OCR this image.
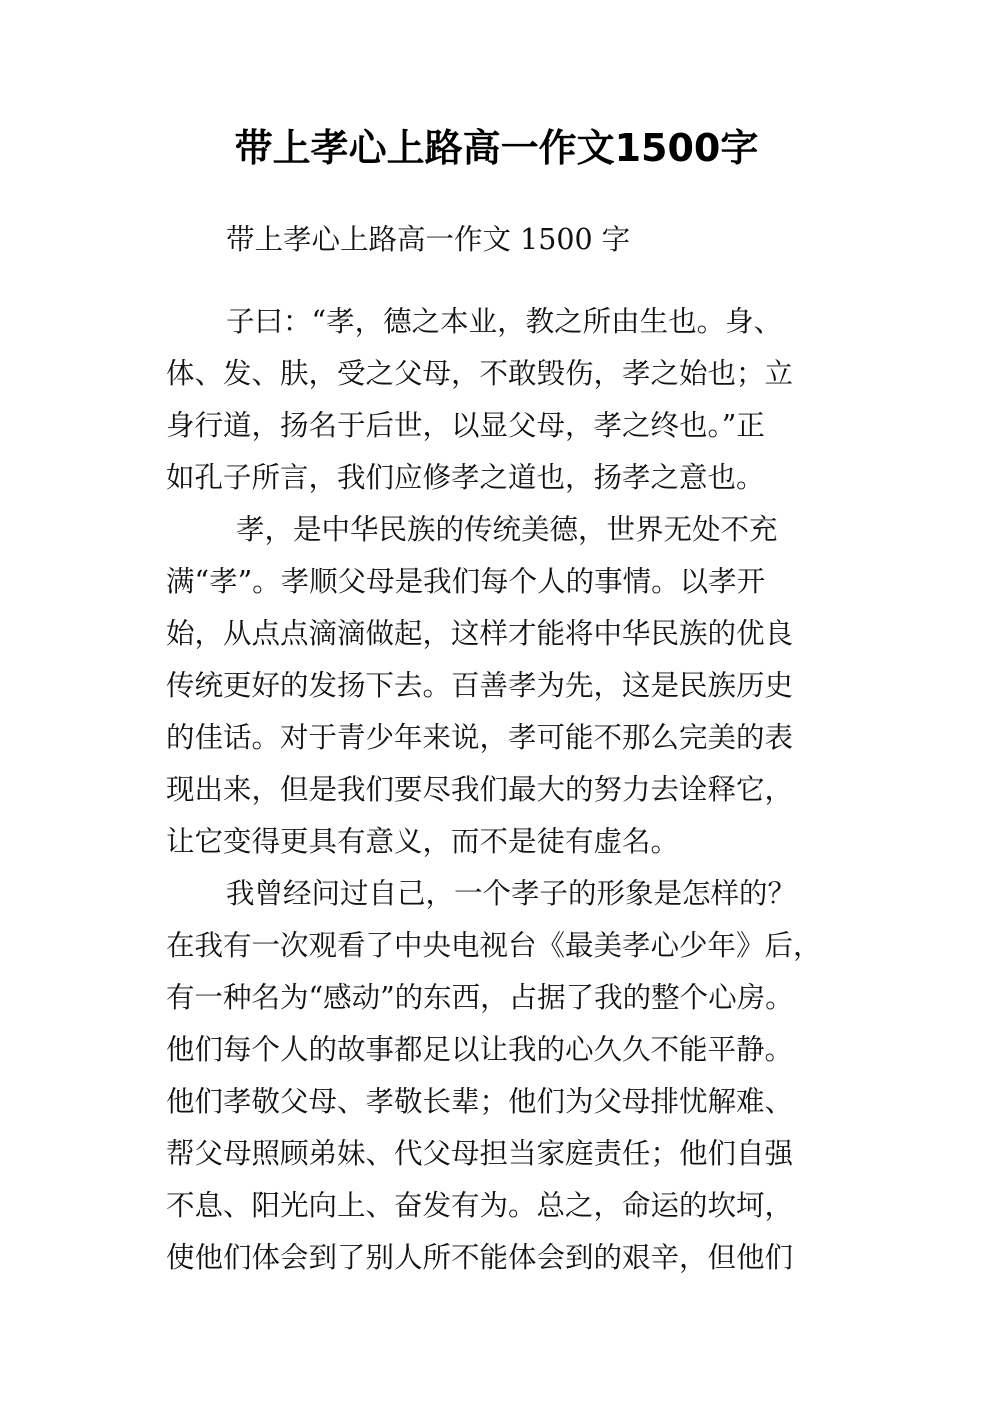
带上孝心上路高一作文1500字
带上孝心上路高一作文 1500 字
子曰：“孝，德之本业，教之所由生也。身、
体、发、肤，受之父母，不敢毁伤，孝之始也；立
身行道，扬名于后世，以显父母，孝之终也。”正
如孔子所言，我们应修孝之道也，扬孝之意也。
孝，是中华民族的传统美德，世界无处不充
满“孝”。孝顺父母是我们每个人的事情。以孝开
始，从点点滴滴做起，这样才能将中华民族的优良
传统更好的发扬下去。百善孝为先，这是民族历史
的佳话。对于青少年来说，孝可能不那么完美的表
现出来，但是我们要尽我们最大的努力去诠释它，
让它变得更具有意义，而不是徒有虚名。
我曾经问过自己，一个孝子的形象是怎样的？
在我有一次观看了中央电视台《最美孝心少年》后，
有一种名为“感动”的东西，占据了我的整个心房。
他们每个人的故事都足以让我的心久久不能平静。
他们孝敬父母、孝敬长辈；他们为父母排忧解难、
帮父母照顾弟妹、代父母担当家庭责任；他们自强
不息、阳光向上、奋发有为。总之，命运的坎坷，
使他们体会到了别人所不能体会到的艰辛，但他们
